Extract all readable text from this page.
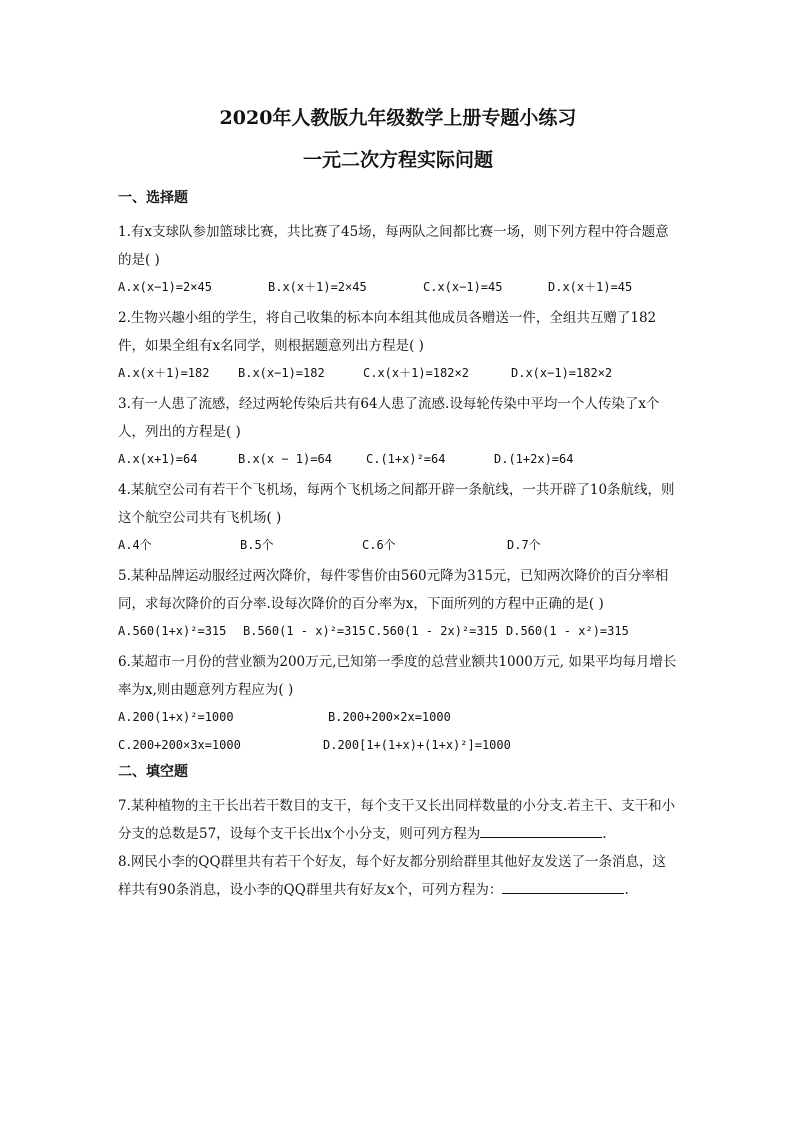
2020年人教版九年级数学上册专题小练习

一元二次方程实际问题

一、选择题

1.有x支球队参加篮球比赛，共比赛了45场，每两队之间都比赛一场，则下列方程中符合题意的是( )

A.x(x−1)=2×45	B.x(x＋1)=2×45	C.x(x−1)=45	D.x(x＋1)=45

2.生物兴趣小组的学生，将自己收集的标本向本组其他成员各赠送一件，全组共互赠了182件，如果全组有x名同学，则根据题意列出方程是( )

A.x(x＋1)=182	B.x(x−1)=182	C.x(x＋1)=182×2	D.x(x−1)=182×2

3.有一人患了流感，经过两轮传染后共有64人患了流感.设每轮传染中平均一个人传染了x个人，列出的方程是( )

A.x(x+1)=64	B.x(x − 1)=64	C.(1+x)²=64	D.(1+2x)=64

4.某航空公司有若干个飞机场，每两个飞机场之间都开辟一条航线，一共开辟了10条航线，则这个航空公司共有飞机场( )

A.4个	B.5个	C.6个	D.7个

5.某种品牌运动服经过两次降价，每件零售价由560元降为315元，已知两次降价的百分率相同，求每次降价的百分率.设每次降价的百分率为x，下面所列的方程中正确的是( )

A.560(1+x)²=315	B.560(1 - x)²=315 C.560(1 - 2x)²=315 D.560(1 - x²)=315

6.某超市一月份的营业额为200万元,已知第一季度的总营业额共1000万元, 如果平均每月增长率为x,则由题意列方程应为( )

A.200(1+x)²=1000	B.200+200×2x=1000
C.200+200×3x=1000	D.200[1+(1+x)+(1+x)²]=1000

二、填空题

7.某种植物的主干长出若干数目的支干，每个支干又长出同样数量的小分支.若主干、支干和小分支的总数是57，设每个支干长出x个小分支，则可列方程为	.

8.网民小李的QQ群里共有若干个好友，每个好友都分别给群里其他好友发送了一条消息，这样共有90条消息，设小李的QQ群里共有好友x个，可列方程为：	.
